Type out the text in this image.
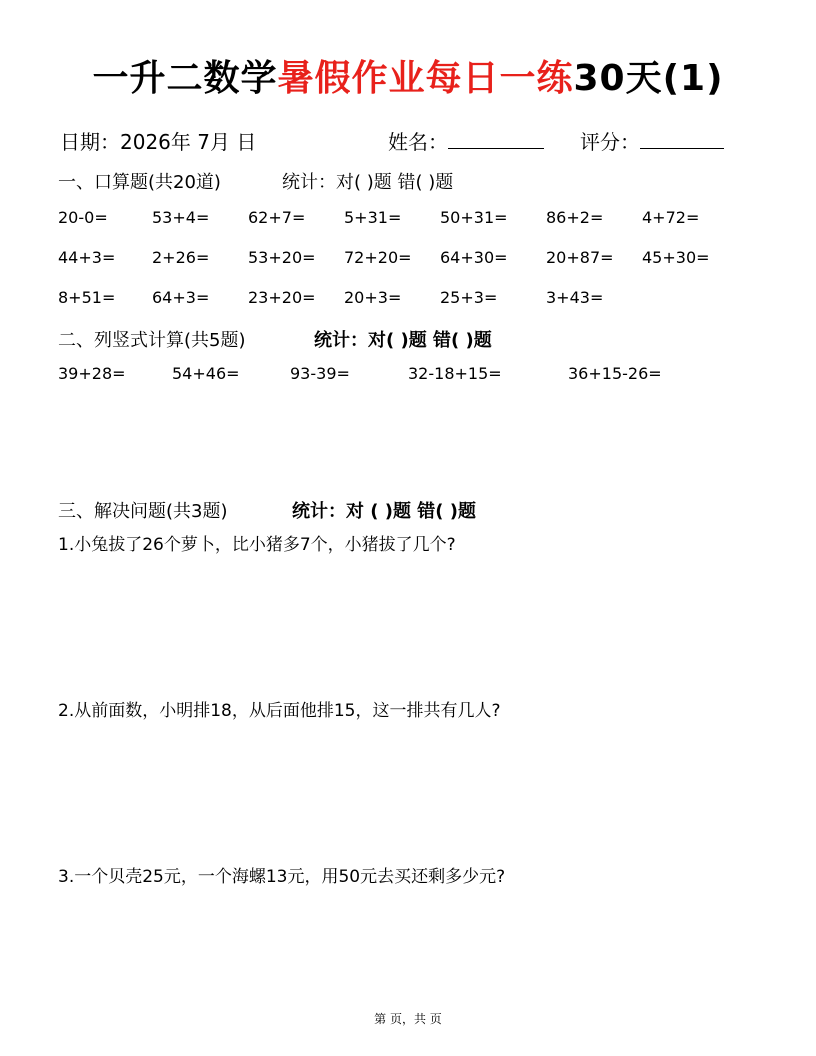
一升二数学暑假作业每日一练30天(1)
日期：2026年 7月 日	姓名：	评分：
一、口算题(共20道)	统计：对( )题 错( )题
20-0=	53+4= 62+7= 5+31= 50+31= 86+2= 4+72=
44+3= 2+26= 53+20= 72+20= 64+30= 20+87= 45+30=
8+51= 64+3= 23+20= 20+3= 25+3=	3+43=
二、列竖式计算(共5题)	统计：对( )题 错( )题
39+28=	54+46=	93-39=	32-18+15=	36+15-26=
三、解决问题(共3题)	统计：对 ( )题 错( )题
1.小兔拔了26个萝卜，比小猪多7个，小猪拔了几个?
2.从前面数，小明排18，从后面他排15，这一排共有几人?
3.一个贝壳25元，一个海螺13元，用50元去买还剩多少元?
第 页，共 页
